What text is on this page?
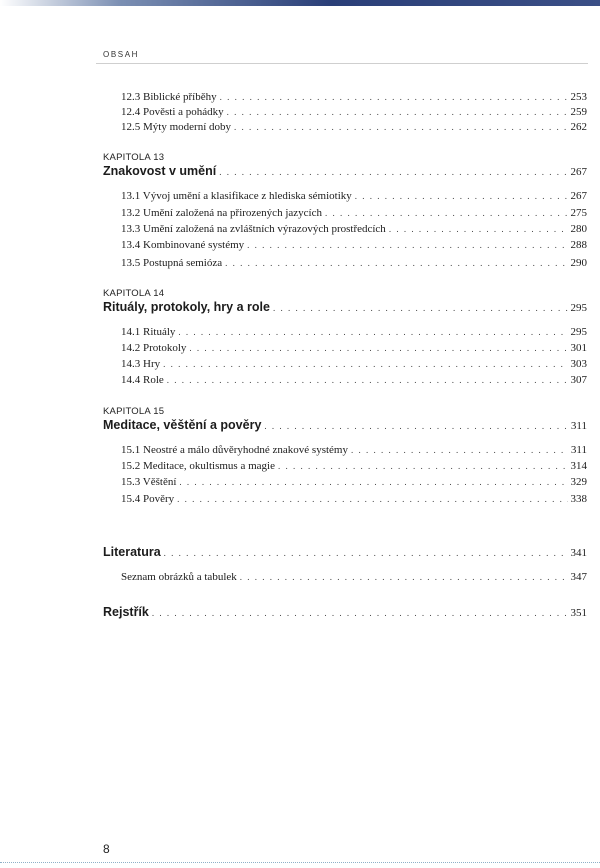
OBSAH
12.3 Biblické příběhy . . .	253
12.4 Pověsti a pohádky . . .	259
12.5 Mýty moderní doby . . .	262
KAPITOLA 13
Znakovost v umění . . .	267
13.1 Vývoj umění a klasifikace z hlediska sémiotiky . . .	267
13.2 Umění založená na přirozených jazycích . . .	275
13.3 Umění založená na zvláštních výrazových prostředcích . . .	280
13.4 Kombinované systémy . . .	288
13.5 Postupná semióza . . .	290
KAPITOLA 14
Rituály, protokoly, hry a role . . .	295
14.1 Rituály . . .	295
14.2 Protokoly . . .	301
14.3 Hry . . .	303
14.4 Role . . .	307
KAPITOLA 15
Meditace, věštění a pověry . . .	311
15.1 Neostré a málo důvěryhodné znakové systémy . . .	311
15.2 Meditace, okultismus a magie . . .	314
15.3 Věštění . . .	329
15.4 Pověry . . .	338
Literatura . . .	341
Seznam obrázků a tabulek . . .	347
Rejstřík . . .	351
8
